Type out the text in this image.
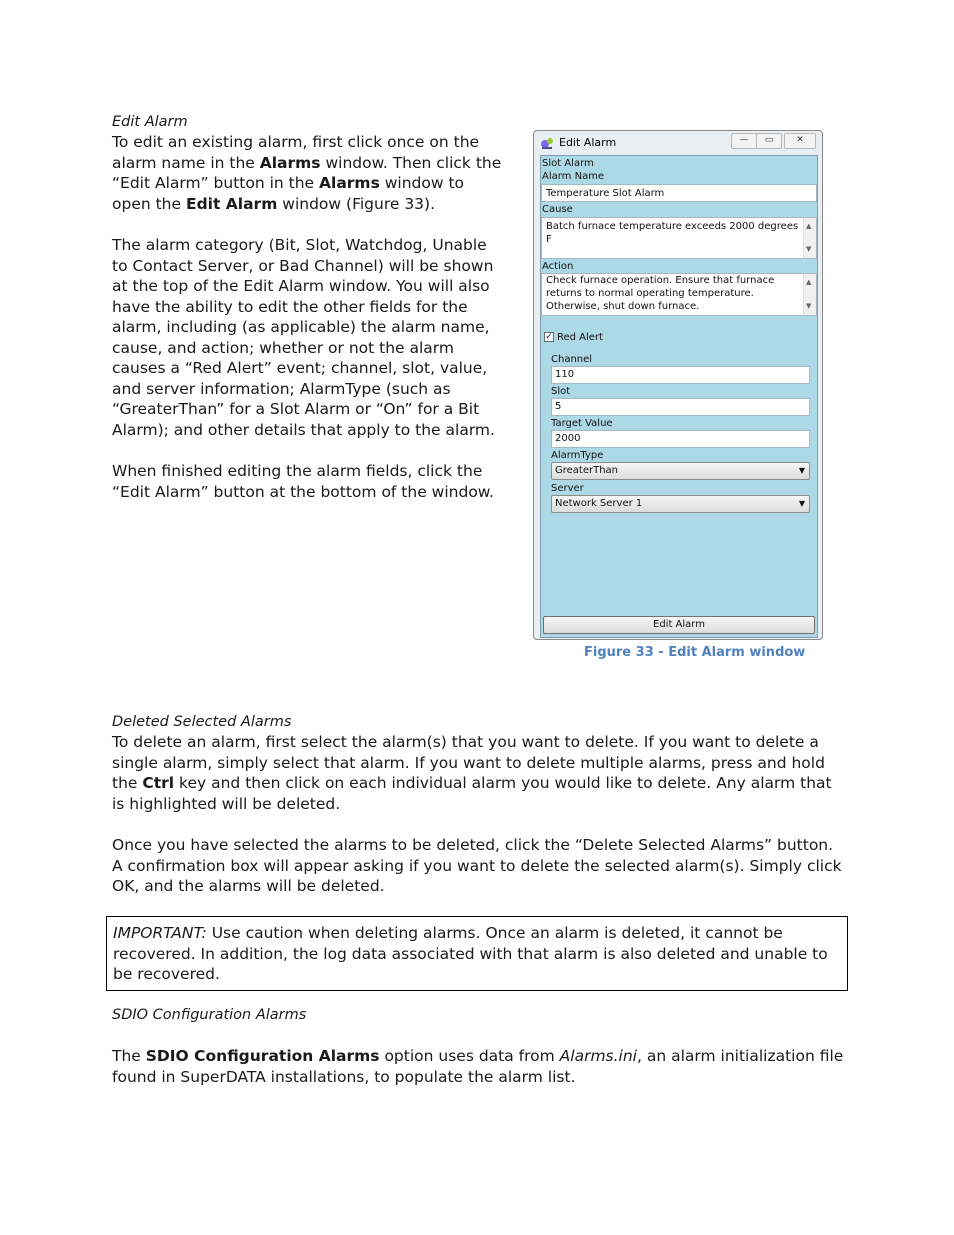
Edit Alarm

To edit an existing alarm, first click once on the alarm name in the Alarms window. Then click the “Edit Alarm” button in the Alarms window to open the Edit Alarm window (Figure 33).

The alarm category (Bit, Slot, Watchdog, Unable to Contact Server, or Bad Channel) will be shown at the top of the Edit Alarm window. You will also have the ability to edit the other fields for the alarm, including (as applicable) the alarm name, cause, and action; whether or not the alarm causes a “Red Alert” event; channel, slot, value, and server information; AlarmType (such as “GreaterThan” for a Slot Alarm or “On” for a Bit Alarm); and other details that apply to the alarm.

When finished editing the alarm fields, click the “Edit Alarm” button at the bottom of the window.

Edit Alarm	—	▭	✕
Slot Alarm
Alarm Name
Temperature Slot Alarm
Cause
Batch furnace temperature exceeds 2000 degrees F
▲
▼
Action
Check furnace operation. Ensure that furnace returns to normal operating temperature. Otherwise, shut down furnace.
▲
▼
✓ Red Alert
Channel
110
Slot
5
Target Value
2000
AlarmType
GreaterThan	▼
Server
Network Server 1	▼
Edit Alarm
Figure 33 - Edit Alarm window
Deleted Selected Alarms

To delete an alarm, first select the alarm(s) that you want to delete. If you want to delete a single alarm, simply select that alarm. If you want to delete multiple alarms, press and hold the Ctrl key and then click on each individual alarm you would like to delete. Any alarm that is highlighted will be deleted.

Once you have selected the alarms to be deleted, click the “Delete Selected Alarms” button. A confirmation box will appear asking if you want to delete the selected alarm(s). Simply click OK, and the alarms will be deleted.

IMPORTANT: Use caution when deleting alarms. Once an alarm is deleted, it cannot be recovered. In addition, the log data associated with that alarm is also deleted and unable to be recovered.

SDIO Configuration Alarms

The SDIO Configuration Alarms option uses data from Alarms.ini, an alarm initialization file found in SuperDATA installations, to populate the alarm list.
